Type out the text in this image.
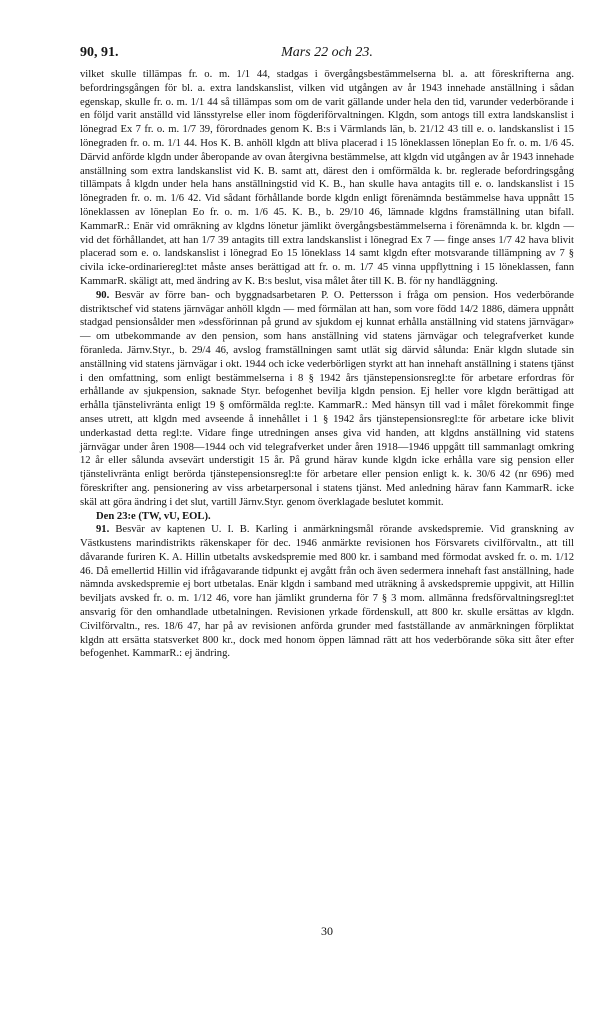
Mars 22 och 23.
90, 91.

vilket skulle tillämpas fr. o. m. 1/1 44, stadgas i övergångsbestämmelserna bl. a. att föreskrifterna ang. befordringsgången för bl. a. extra landskanslist, vilken vid utgången av år 1943 innehade anställning i sådan egenskap, skulle fr. o. m. 1/1 44 så tillämpas som om de varit gällande under hela den tid, varunder vederbörande i en följd varit anställd vid länsstyrelse eller inom fögderiförvaltningen. Klgdn, som antogs till extra landskanslist i lönegrad Ex 7 fr. o. m. 1/7 39, förordnades genom K. B:s i Värmlands län, b. 21/12 43 till e. o. landskanslist i 15 lönegraden fr. o. m. 1/1 44. Hos K. B. anhöll klgdn att bliva placerad i 15 löneklassen löneplan Eo fr. o. m. 1/6 45. Därvid anförde klgdn under åberopande av ovan återgivna bestämmelse, att klgdn vid utgången av år 1943 innehade anställning som extra landskanslist vid K. B. samt att, därest den i omförmälda k. br. reglerade befordringsgång tillämpats å klgdn under hela hans anställningstid vid K. B., han skulle hava antagits till e. o. landskanslist i 15 lönegraden fr. o. m. 1/6 42. Vid sådant förhållande borde klgdn enligt förenämnda bestämmelse hava uppnått 15 löneklassen av löneplan Eo fr. o. m. 1/6 45. K. B., b. 29/10 46, lämnade klgdns framställning utan bifall. KammarR.: Enär vid omräkning av klgdns lönetur jämlikt övergångsbestämmelserna i förenämnda k. br. klgdn — vid det förhållandet, att han 1/7 39 antagits till extra landskanslist i lönegrad Ex 7 — finge anses 1/7 42 hava blivit placerad som e. o. landskanslist i lönegrad Eo 15 löneklass 14 samt klgdn efter motsvarande tillämpning av 7 § civila icke-ordinarieregl:tet måste anses berättigad att fr. o. m. 1/7 45 vinna uppflyttning i 15 löneklassen, fann KammarR. skäligt att, med ändring av K. B:s beslut, visa målet åter till K. B. för ny handläggning.

90. Besvär av förre ban- och byggnadsarbetaren P. O. Pettersson i fråga om pension. Hos vederbörande distriktschef vid statens järnvägar anhöll klgdn — med förmälan att han, som vore född 14/2 1886, dämera uppnått stadgad pensionsålder men »dessförinnan på grund av sjukdom ej kunnat erhålla anställning vid statens järnvägar» — om utbekommande av den pension, som hans anställning vid statens järnvägar och telegrafverket kunde föranleda. Järnv.Styr., b. 29/4 46, avslog framställningen samt utlät sig därvid sålunda: Enär klgdn slutade sin anställning vid statens järnvägar i okt. 1944 och icke vederbörligen styrkt att han innehaft anställning i statens tjänst i den omfattning, som enligt bestämmelserna i 8 § 1942 års tjänstepensionsregl:te för arbetare erfordras för erhållande av sjukpension, saknade Styr. befogenhet bevilja klgdn pension. Ej heller vore klgdn berättigad att erhålla tjänstelivränta enligt 19 § omförmälda regl:te. KammarR.: Med hänsyn till vad i målet förekommit finge anses utrett, att klgdn med avseende å innehållet i 1 § 1942 års tjänstepensionsregl:te för arbetare icke blivit underkastad detta regl:te. Vidare finge utredningen anses giva vid handen, att klgdns anställning vid statens järnvägar under åren 1908—1944 och vid telegrafverket under åren 1918—1946 uppgått till sammanlagt omkring 12 år eller sålunda avsevärt understigit 15 år. På grund härav kunde klgdn icke erhålla vare sig pension eller tjänstelivränta enligt berörda tjänstepensionsregl:te för arbetare eller pension enligt k. k. 30/6 42 (nr 696) med föreskrifter ang. pensionering av viss arbetarpersonal i statens tjänst. Med anledning härav fann KammarR. icke skäl att göra ändring i det slut, vartill Järnv.Styr. genom överklagade beslutet kommit.

Den 23:e (TW, vU, EOL).

91. Besvär av kaptenen U. I. B. Karling i anmärkningsmål rörande avskedspremie. Vid granskning av Västkustens marindistrikts räkenskaper för dec. 1946 anmärkte revisionen hos Försvarets civilförvaltn., att till dåvarande furiren K. A. Hillin utbetalts avskedspremie med 800 kr. i samband med förmodat avsked fr. o. m. 1/12 46. Då emellertid Hillin vid ifrågavarande tidpunkt ej avgått från och även sedermera innehaft fast anställning, hade nämnda avskedspremie ej bort utbetalas. Enär klgdn i samband med uträkning å avskedspremie uppgivit, att Hillin beviljats avsked fr. o. m. 1/12 46, vore han jämlikt grunderna för 7 § 3 mom. allmänna fredsförvaltningsregl:tet ansvarig för den omhandlade utbetalningen. Revisionen yrkade fördenskull, att 800 kr. skulle ersättas av klgdn. Civilförvaltn., res. 18/6 47, har på av revisionen anförda grunder med fastställande av anmärkningen förpliktat klgdn att ersätta statsverket 800 kr., dock med honom öppen lämnad rätt att hos vederbörande söka sitt åter efter befogenhet. KammarR.: ej ändring.

30
